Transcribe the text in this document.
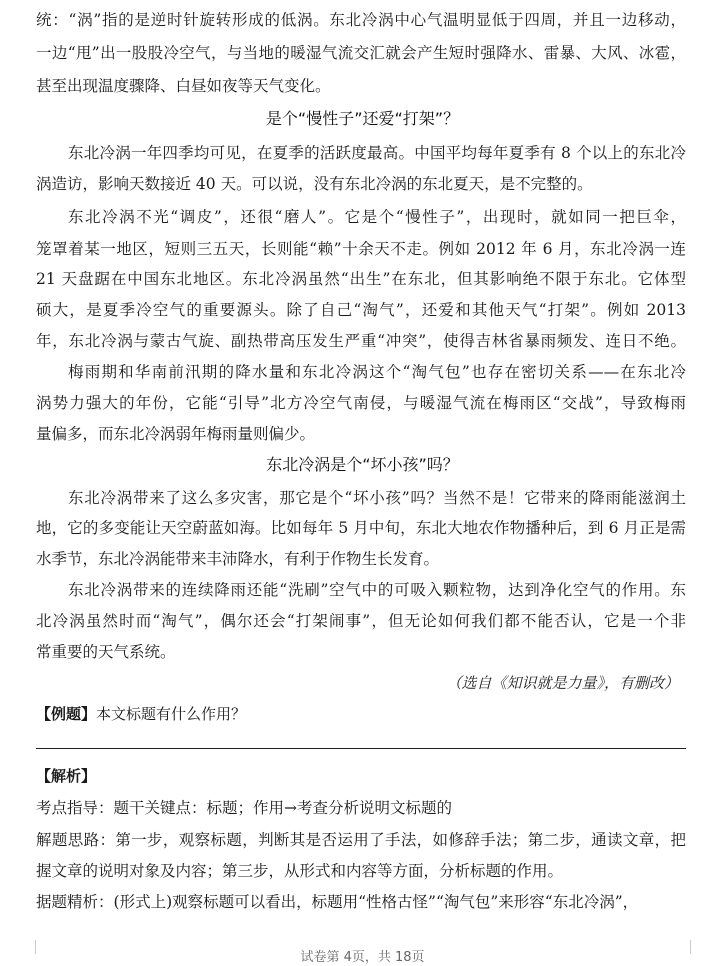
统：“涡”指的是逆时针旋转形成的低涡。东北冷涡中心气温明显低于四周，并且一边移动，
一边“甩”出一股股冷空气，与当地的暖湿气流交汇就会产生短时强降水、雷暴、大风、冰雹，
甚至出现温度骤降、白昼如夜等天气变化。
是个“慢性子”还爱“打架”？
东北冷涡一年四季均可见，在夏季的活跃度最高。中国平均每年夏季有 8 个以上的东北冷
涡造访，影响天数接近 40 天。可以说，没有东北冷涡的东北夏天，是不完整的。
东北冷涡不光“调皮”，还很“磨人”。它是个“慢性子”，出现时，就如同一把巨伞，
笼罩着某一地区，短则三五天，长则能“赖”十余天不走。例如 2012 年 6 月，东北冷涡一连
21 天盘踞在中国东北地区。东北冷涡虽然“出生”在东北，但其影响绝不限于东北。它体型
硕大，是夏季冷空气的重要源头。除了自己“淘气”，还爱和其他天气“打架”。例如 2013
年，东北冷涡与蒙古气旋、副热带高压发生严重“冲突”，使得吉林省暴雨频发、连日不绝。
梅雨期和华南前汛期的降水量和东北冷涡这个“淘气包”也存在密切关系——在东北冷
涡势力强大的年份，它能“引导”北方冷空气南侵，与暖湿气流在梅雨区“交战”，导致梅雨
量偏多，而东北冷涡弱年梅雨量则偏少。
东北冷涡是个“坏小孩”吗？
东北冷涡带来了这么多灾害，那它是个“坏小孩”吗？当然不是！它带来的降雨能滋润土
地，它的多变能让天空蔚蓝如海。比如每年 5 月中旬，东北大地农作物播种后，到 6 月正是需
水季节，东北冷涡能带来丰沛降水，有利于作物生长发育。
东北冷涡带来的连续降雨还能“洗刷”空气中的可吸入颗粒物，达到净化空气的作用。东
北冷涡虽然时而“淘气”，偶尔还会“打架闹事”，但无论如何我们都不能否认，它是一个非
常重要的天气系统。
（选自《知识就是力量》，有删改）
【例题】本文标题有什么作用？
【解析】
考点指导：题干关键点：标题；作用→考查分析说明文标题的
解题思路：第一步，观察标题，判断其是否运用了手法，如修辞手法；第二步，通读文章，把
握文章的说明对象及内容；第三步，从形式和内容等方面，分析标题的作用。
据题精析：(形式上)观察标题可以看出，标题用“性格古怪”“淘气包”来形容“东北冷涡”，
试卷第 4页，共 18页
